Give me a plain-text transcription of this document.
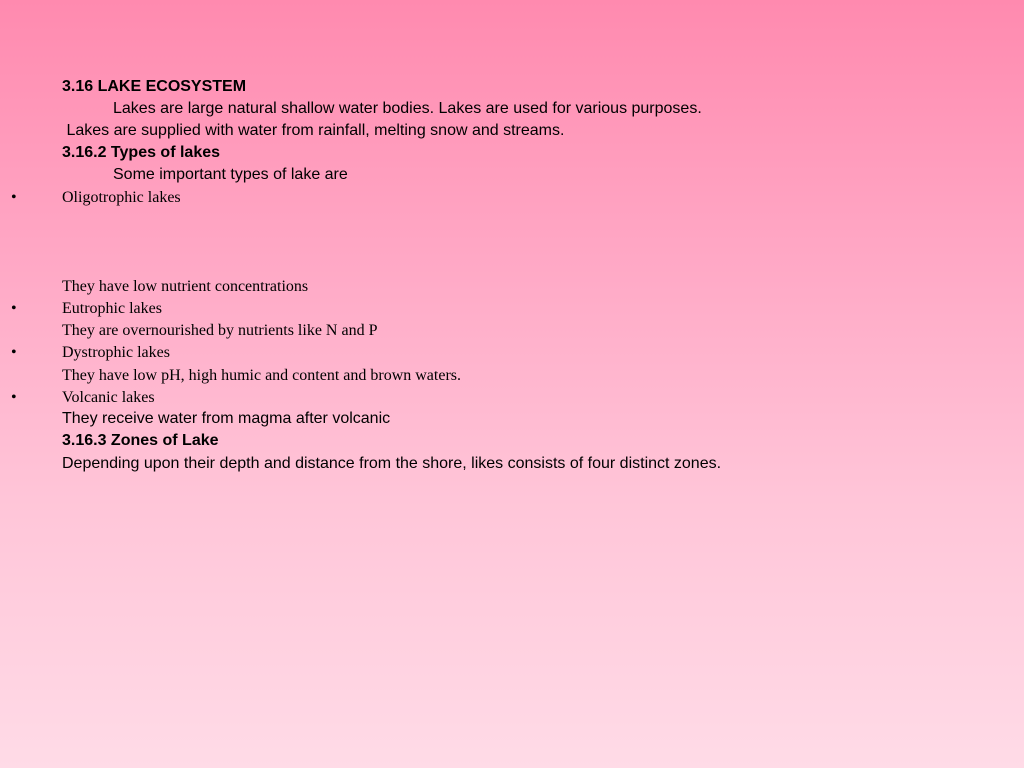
3.16 LAKE ECOSYSTEM
Lakes are large natural shallow water bodies. Lakes are used for various purposes.
Lakes are supplied with water from rainfall, melting snow and streams.
3.16.2 Types of lakes
Some important types of lake are
•	Oligotrophic lakes
They have low nutrient concentrations
•	Eutrophic lakes
They are overnourished by nutrients like N and P
•	Dystrophic lakes
They have low pH, high humic and content and brown waters.
•	Volcanic lakes
They receive water from magma after volcanic
3.16.3 Zones of Lake
Depending upon their depth and distance from the shore, likes consists of four distinct zones.
